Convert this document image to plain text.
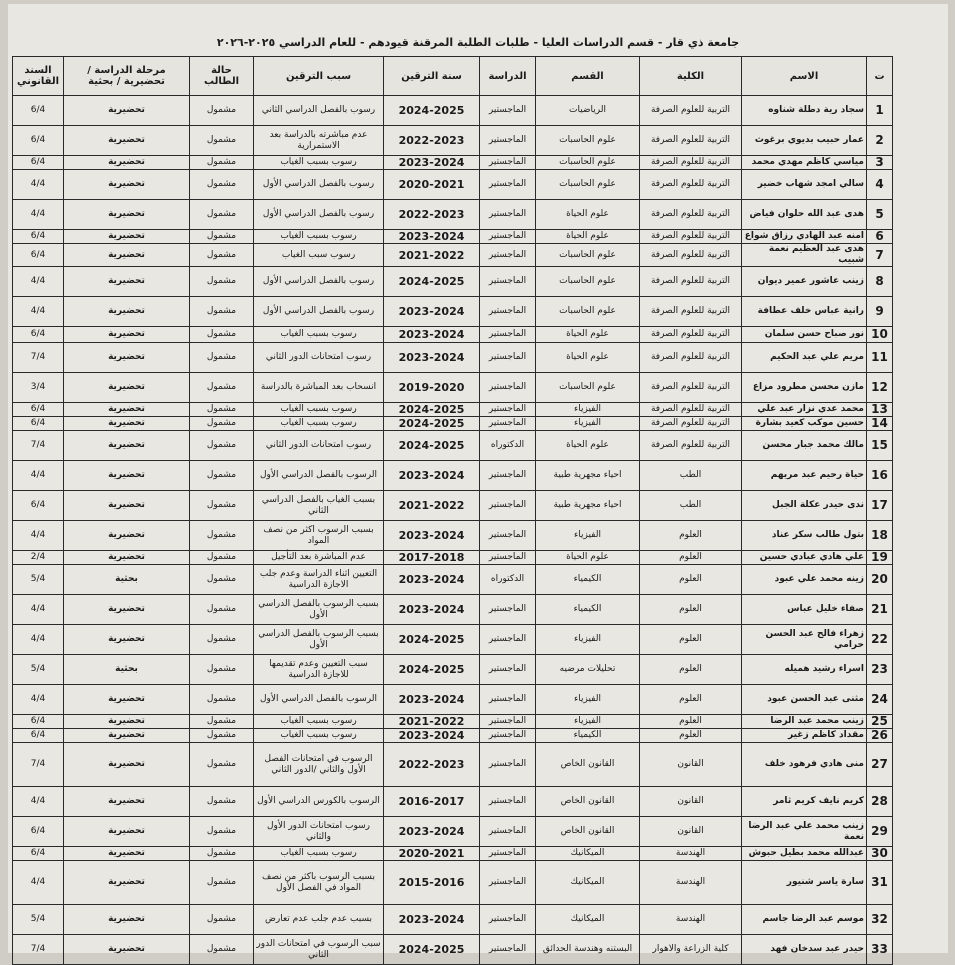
جامعة ذي قار - قسم الدراسات العليا - طلبات الطلبة المرقنة قيودهم - للعام الدراسي ٢٠٢٥-٢٠٢٦
ت	الاسم	الكلية	القسم	الدراسة	سنة الترقين	سبب الترقين	حالة الطالب	مرحلة الدراسة / تحضيرية / بحثية	السند القانوني
1	سجاد رية دطلة شناوه	التربية للعلوم الصرفة	الرياضيات	الماجستير	2024-2025	رسوب بالفصل الدراسي الثاني	مشمول	تحضيرية	6/4
2	عمار حبيب بديوي برغوث	التربية للعلوم الصرفة	علوم الحاسبات	الماجستير	2022-2023	عدم مباشرته بالدراسة بعد الاستمرارية	مشمول	تحضيرية	6/4
3	مياسي كاظم مهدي محمد	التربية للعلوم الصرفة	علوم الحاسبات	الماجستير	2023-2024	رسوب بسبب الغياب	مشمول	تحضيرية	6/4
4	سالي امجد شهاب خضير	التربية للعلوم الصرفة	علوم الحاسبات	الماجستير	2020-2021	رسوب بالفصل الدراسي الأول	مشمول	تحضيرية	4/4
5	هدى عبد الله حلوان فياض	التربية للعلوم الصرفة	علوم الحياة	الماجستير	2022-2023	رسوب بالفصل الدراسي الأول	مشمول	تحضيرية	4/4
6	امنه عبد الهادي رزاق شواع	التربية للعلوم الصرفة	علوم الحياة	الماجستير	2023-2024	رسوب بسبب الغياب	مشمول	تحضيرية	6/4
7	هدى عبد العظيم نعمة شبيب	التربية للعلوم الصرفة	علوم الحاسبات	الماجستير	2021-2022	رسوب سبب الغياب	مشمول	تحضيرية	6/4
8	زينب عاشور عمير ديوان	التربية للعلوم الصرفة	علوم الحاسبات	الماجستير	2024-2025	رسوب بالفصل الدراسي الأول	مشمول	تحضيرية	4/4
9	رانية عباس خلف عطافة	التربية للعلوم الصرفة	علوم الحاسبات	الماجستير	2023-2024	رسوب بالفصل الدراسي الأول	مشمول	تحضيرية	4/4
10	نور صباح حسن سلمان	التربية للعلوم الصرفة	علوم الحياة	الماجستير	2023-2024	رسوب بسبب الغياب	مشمول	تحضيرية	6/4
11	مريم علي عبد الحكيم	التربية للعلوم الصرفة	علوم الحياة	الماجستير	2023-2024	رسوب امتحانات الدور الثاني	مشمول	تحضيرية	7/4
12	مازن محسن مطرود مزاع	التربية للعلوم الصرفة	علوم الحاسبات	الماجستير	2019-2020	انسحاب بعد المباشرة بالدراسة	مشمول	تحضيرية	3/4
13	محمد عدي نزار عبد علي	التربية للعلوم الصرفة	الفيزياء	الماجستير	2024-2025	رسوب بسبب الغياب	مشمول	تحضيرية	6/4
14	حسين موكب كعيد بشارة	التربية للعلوم الصرفة	الفيزياء	الماجستير	2024-2025	رسوب بسبب الغياب	مشمول	تحضيرية	6/4
15	مالك محمد جبار محسن	التربية للعلوم الصرفة	علوم الحياة	الدكتوراه	2024-2025	رسوب امتحانات الدور الثاني	مشمول	تحضيرية	7/4
16	حياة رحيم عبد مريهم	الطب	احياء مجهرية طبية	الماجستير	2023-2024	الرسوب بالفصل الدراسي الأول	مشمول	تحضيرية	4/4
17	ندى حيدر عكلة الجبل	الطب	احياء مجهرية طبية	الماجستير	2021-2022	بسبب الغياب بالفصل الدراسي الثاني	مشمول	تحضيرية	6/4
18	بتول طالب سكر عناد	العلوم	الفيزياء	الماجستير	2023-2024	بسبب الرسوب اكثر من نصف المواد	مشمول	تحضيرية	4/4
19	علي هادي عبادي حسين	العلوم	علوم الحياة	الماجستير	2017-2018	عدم المباشرة بعد التأجيل	مشمول	تحضيرية	2/4
20	زينه محمد علي عبود	العلوم	الكيمياء	الدكتوراه	2023-2024	التعيين اثناء الدراسة وعدم جلب الاجازة الدراسية	مشمول	بحثية	5/4
21	صفاء خليل عباس	العلوم	الكيمياء	الماجستير	2023-2024	بسبب الرسوب بالفصل الدراسي الأول	مشمول	تحضيرية	4/4
22	زهراء فالح عبد الحسن حرامي	العلوم	الفيزياء	الماجستير	2024-2025	بسبب الرسوب بالفصل الدراسي الأول	مشمول	تحضيرية	4/4
23	اسراء رشيد هميله	العلوم	تحليلات مرضيه	الماجستير	2024-2025	سبب التعيين وعدم تقديمها للاجازة الدراسية	مشمول	بحثية	5/4
24	مثنى عبد الحسن عبود	العلوم	الفيزياء	الماجستير	2023-2024	الرسوب بالفصل الدراسي الأول	مشمول	تحضيرية	4/4
25	زينب محمد عبد الرضا	العلوم	الفيزياء	الماجستير	2021-2022	رسوب بسبب الغياب	مشمول	تحضيرية	6/4
26	مقداد كاظم زغير	العلوم	الكيمياء	الماجستير	2023-2024	رسوب بسبب الغياب	مشمول	تحضيرية	6/4
27	منى هادي فرهود خلف	القانون	القانون الخاص	الماجستير	2022-2023	الرسوب في امتحانات الفصل الأول والثاني /الدور الثاني	مشمول	تحضيرية	7/4
28	كريم نايف كريم ثامر	القانون	القانون الخاص	الماجستير	2016-2017	الرسوب بالكورس الدراسي الأول	مشمول	تحضيرية	4/4
29	زينب محمد علي عبد الرضا نعمة	القانون	القانون الخاص	الماجستير	2023-2024	رسوب امتحانات الدور الأول والثاني	مشمول	تحضيرية	6/4
30	عبدالله محمد بطيل حبوش	الهندسة	الميكانيك	الماجستير	2020-2021	رسوب بسبب الغياب	مشمول	تحضيرية	6/4
31	سارة ياسر شنيور	الهندسة	الميكانيك	الماجستير	2015-2016	بسبب الرسوب باكثر من نصف المواد في الفصل الأول	مشمول	تحضيرية	4/4
32	موسم عبد الرضا جاسم	الهندسة	الميكانيك	الماجستير	2023-2024	بسبب عدم جلب عدم تعارض	مشمول	تحضيرية	5/4
33	حيدر عبد سدخان فهد	كلية الزراعة والاهوار	البستنه وهندسة الحدائق	الماجستير	2024-2025	سبب الرسوب في امتحانات الدور الثاني	مشمول	تحضيرية	7/4
